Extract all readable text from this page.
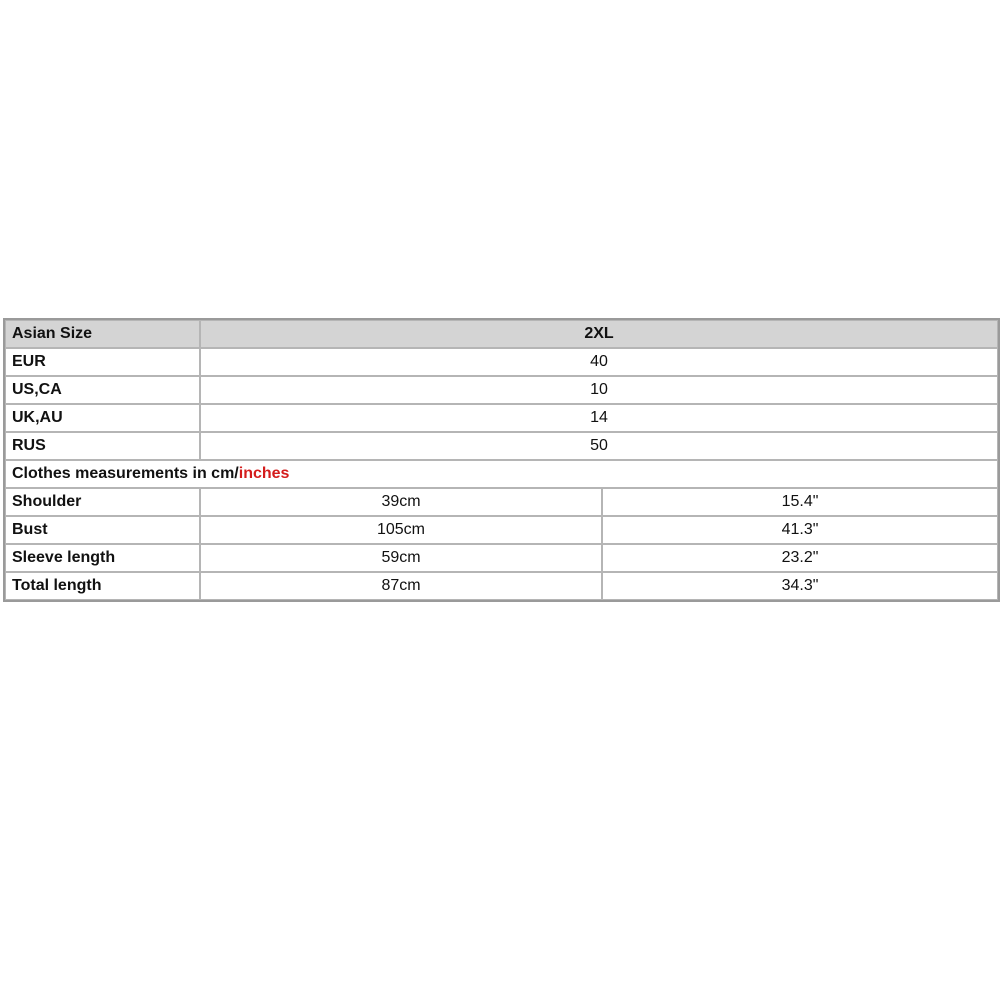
Asian Size	2XL	
EUR	40	
US,CA	10	
UK,AU	14	
RUS	50	
Clothes measurements in cm/inches		
Shoulder	39cm	15.4"
Bust	105cm	41.3"
Sleeve length	59cm	23.2"
Total length	87cm	34.3"
